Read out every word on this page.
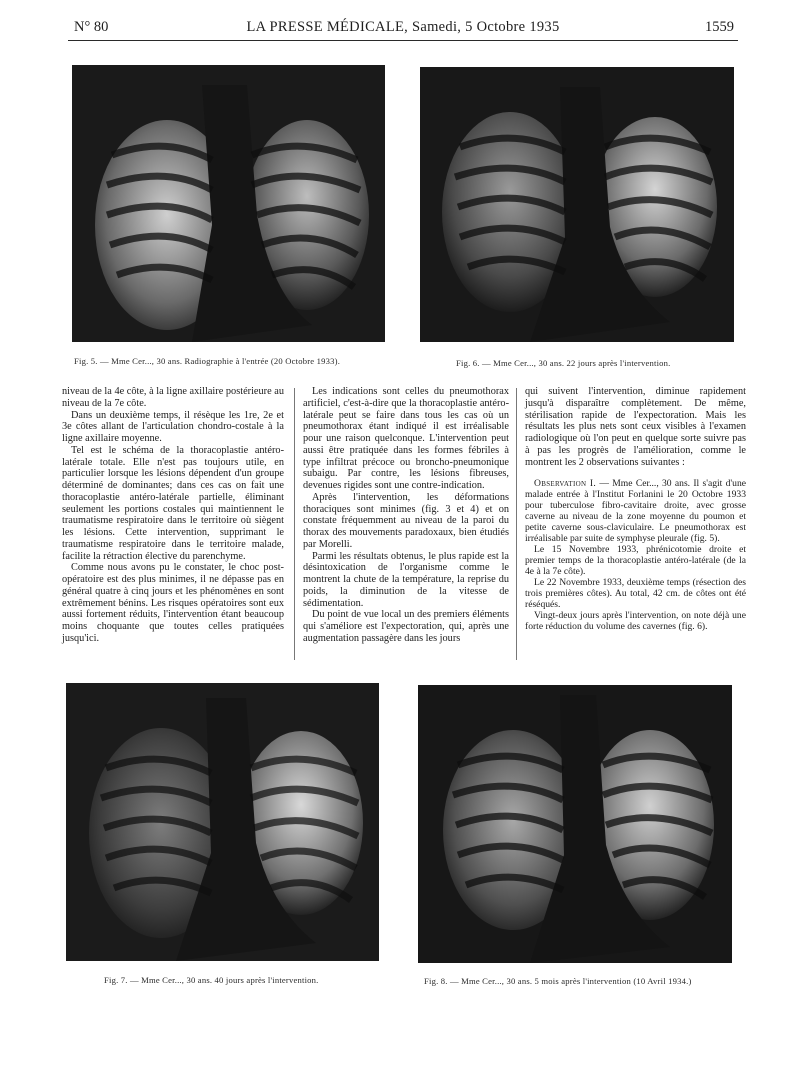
N° 80	LA PRESSE MÉDICALE, Samedi, 5 Octobre 1935	1559
Fig. 5. — Mme Cer..., 30 ans. Radiographie à l'entrée (20 Octobre 1933).	Fig. 6. — Mme Cer..., 30 ans. 22 jours après l'intervention.

niveau de la 4e côte, à la ligne axillaire postérieure au niveau de la 7e côte.

Dans un deuxième temps, il résèque les 1re, 2e et 3e côtes allant de l'articulation chondro-costale à la ligne axillaire moyenne.

Tel est le schéma de la thoracoplastie antéro-latérale totale. Elle n'est pas toujours utile, en particulier lorsque les lésions dépendent d'un groupe déterminé de dominantes; dans ces cas on fait une thoracoplastie antéro-latérale partielle, éliminant seulement les portions costales qui maintiennent le traumatisme respiratoire dans le territoire où siègent les lésions. Cette intervention, supprimant le traumatisme respiratoire dans le territoire malade, facilite la rétraction élective du parenchyme.

Comme nous avons pu le constater, le choc post-opératoire est des plus minimes, il ne dépasse pas en général quatre à cinq jours et les phénomènes en sont extrêmement bénins. Les risques opératoires sont eux aussi fortement réduits, l'intervention étant beaucoup moins choquante que toutes celles pratiquées jusqu'ici.

Les indications sont celles du pneumothorax artificiel, c'est-à-dire que la thoracoplastie antéro-latérale peut se faire dans tous les cas où un pneumothorax étant indiqué il est irréalisable pour une raison quelconque. L'intervention peut aussi être pratiquée dans les formes fébriles à type infiltrat précoce ou broncho-pneumonique subaigu. Par contre, les lésions fibreuses, devenues rigides sont une contre-indication.

Après l'intervention, les déformations thoraciques sont minimes (fig. 3 et 4) et on constate fréquemment au niveau de la paroi du thorax des mouvements paradoxaux, bien étudiés par Morelli.

Parmi les résultats obtenus, le plus rapide est la désintoxication de l'organisme comme le montrent la chute de la température, la reprise du poids, la diminution de la vitesse de sédimentation.

Du point de vue local un des premiers éléments qui s'améliore est l'expectoration, qui, après une augmentation passagère dans les jours

qui suivent l'intervention, diminue rapidement jusqu'à disparaître complètement. De même, stérilisation rapide de l'expectoration. Mais les résultats les plus nets sont ceux visibles à l'examen radiologique où l'on peut en quelque sorte suivre pas à pas les progrès de l'amélioration, comme le montrent les 2 observations suivantes :

Observation I. — Mme Cer..., 30 ans. Il s'agit d'une malade entrée à l'Institut Forlanini le 20 Octobre 1933 pour tuberculose fibro-cavitaire droite, avec grosse caverne au niveau de la zone moyenne du poumon et petite caverne sous-claviculaire. Le pneumothorax est irréalisable par suite de symphyse pleurale (fig. 5).

Le 15 Novembre 1933, phrénicotomie droite et premier temps de la thoracoplastie antéro-latérale (de la 4e à la 7e côte).

Le 22 Novembre 1933, deuxième temps (résection des trois premières côtes). Au total, 42 cm. de côtes ont été réséqués.

Vingt-deux jours après l'intervention, on note déjà une forte réduction du volume des cavernes (fig. 6).

Fig. 7. — Mme Cer..., 30 ans. 40 jours après l'intervention.	Fig. 8. — Mme Cer..., 30 ans. 5 mois après l'intervention (10 Avril 1934.)
